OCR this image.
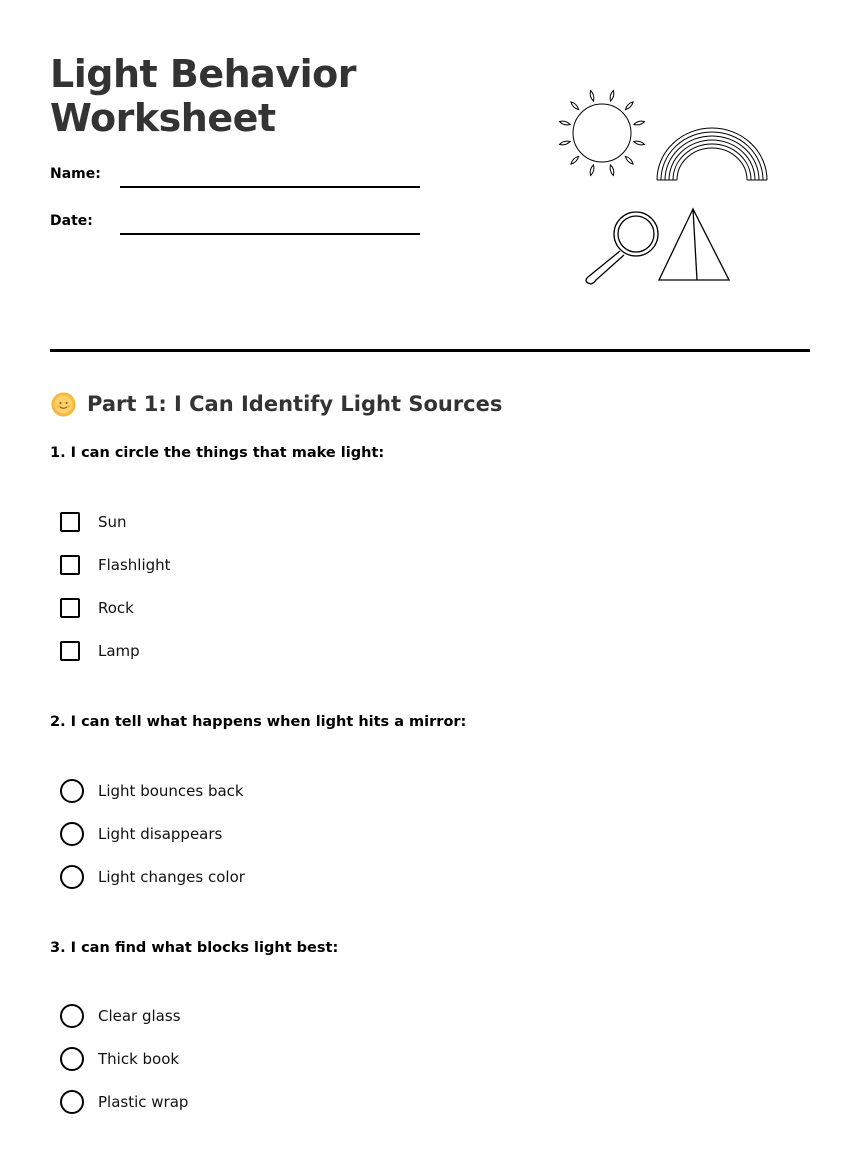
Light Behavior
Worksheet
Name:
Date:
Part 1: I Can Identify Light Sources

1. I can circle the things that make light:

Sun
Flashlight
Rock
Lamp

2. I can tell what happens when light hits a mirror:

Light bounces back
Light disappears
Light changes color

3. I can find what blocks light best:

Clear glass
Thick book
Plastic wrap
